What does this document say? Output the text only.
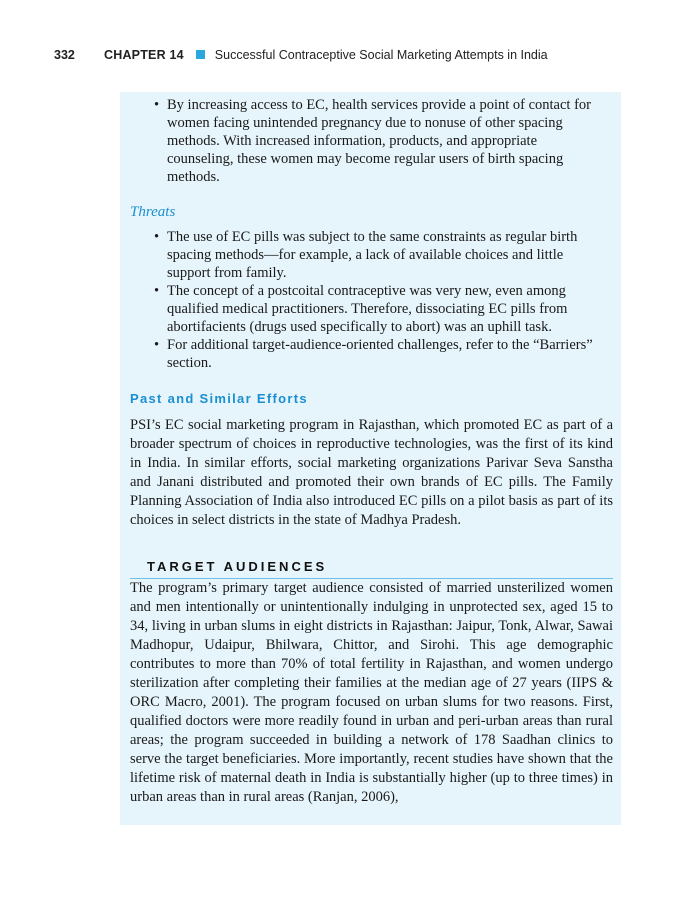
332 CHAPTER 14 Successful Contraceptive Social Marketing Attempts in India
• By increasing access to EC, health services provide a point of contact for women facing unintended pregnancy due to nonuse of other spacing methods. With increased information, products, and appropriate counseling, these women may become regular users of birth spacing methods.
Threats
• The use of EC pills was subject to the same constraints as regular birth spacing methods—for example, a lack of available choices and little support from family.
• The concept of a postcoital contraceptive was very new, even among qualified medical practitioners. Therefore, dissociating EC pills from abortifacients (drugs used specifically to abort) was an uphill task.
• For additional target-audience-oriented challenges, refer to the “Barriers” section.
Past and Similar Efforts

PSI’s EC social marketing program in Rajasthan, which promoted EC as part of a broader spectrum of choices in reproductive technologies, was the first of its kind in India. In similar efforts, social marketing organizations Parivar Seva Sanstha and Janani distributed and promoted their own brands of EC pills. The Family Planning Association of India also introduced EC pills on a pilot basis as part of its choices in select districts in the state of Madhya Pradesh.

TARGET AUDIENCES

The program’s primary target audience consisted of married unsterilized women and men intentionally or unintentionally indulging in unprotected sex, aged 15 to 34, living in urban slums in eight districts in Rajasthan: Jaipur, Tonk, Alwar, Sawai Madhopur, Udaipur, Bhilwara, Chittor, and Sirohi. This age demographic contributes to more than 70% of total fertility in Rajasthan, and women undergo sterilization after completing their families at the median age of 27 years (IIPS & ORC Macro, 2001). The program focused on urban slums for two reasons. First, qualified doctors were more readily found in urban and peri-urban areas than rural areas; the program succeeded in building a network of 178 Saadhan clinics to serve the target beneficiaries. More importantly, recent studies have shown that the lifetime risk of maternal death in India is substantially higher (up to three times) in urban areas than in rural areas (Ranjan, 2006),
